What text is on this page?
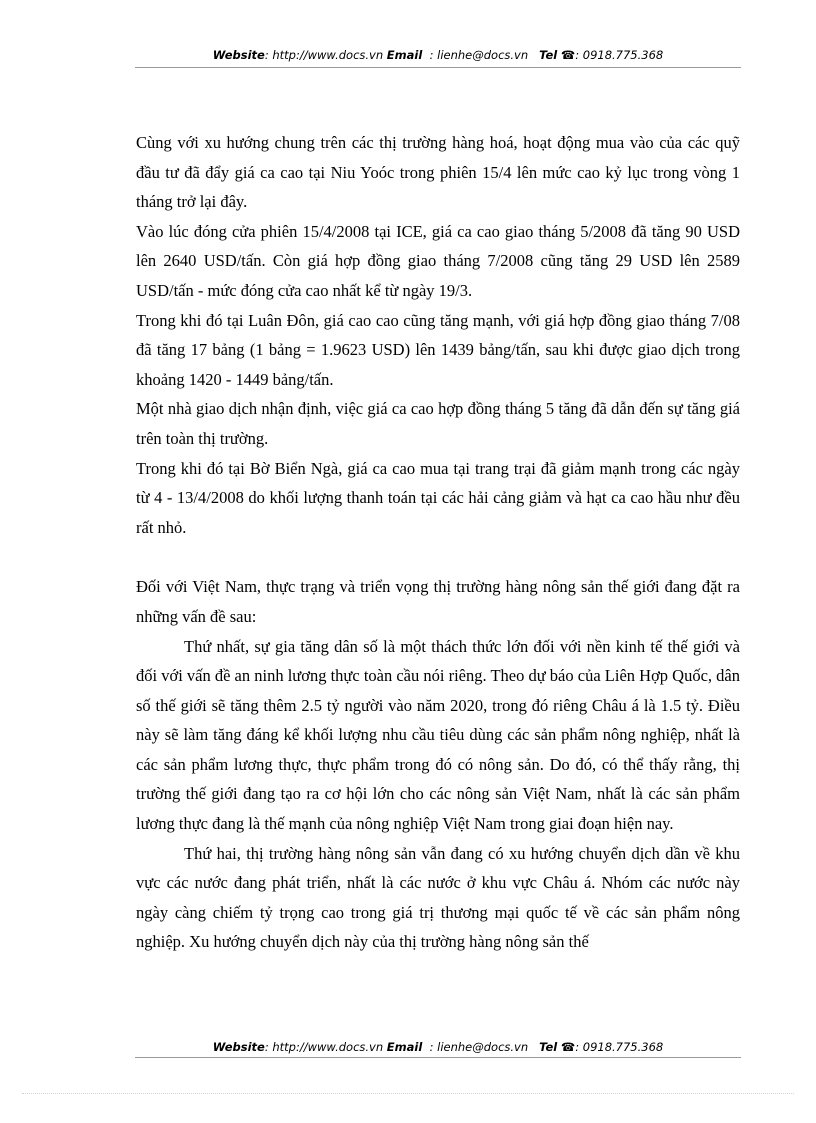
Website: http://www.docs.vn Email : lienhe@docs.vn Tel ☎: 0918.775.368

Cùng với xu hướng chung trên các thị trường hàng hoá, hoạt động mua vào của các quỹ đầu tư đã đẩy giá ca cao tại Niu Yoóc trong phiên 15/4 lên mức cao kỷ lục trong vòng 1 tháng trở lại đây.

Vào lúc đóng cửa phiên 15/4/2008 tại ICE, giá ca cao giao tháng 5/2008 đã tăng 90 USD lên 2640 USD/tấn. Còn giá hợp đồng giao tháng 7/2008 cũng tăng 29 USD lên 2589 USD/tấn - mức đóng cửa cao nhất kể từ ngày 19/3.

Trong khi đó tại Luân Đôn, giá cao cao cũng tăng mạnh, với giá hợp đồng giao tháng 7/08 đã tăng 17 bảng (1 bảng = 1.9623 USD) lên 1439 bảng/tấn, sau khi được giao dịch trong khoảng 1420 - 1449 bảng/tấn.

Một nhà giao dịch nhận định, việc giá ca cao hợp đồng tháng 5 tăng đã dẫn đến sự tăng giá trên toàn thị trường.

Trong khi đó tại Bờ Biển Ngà, giá ca cao mua tại trang trại đã giảm mạnh trong các ngày từ 4 - 13/4/2008 do khối lượng thanh toán tại các hải cảng giảm và hạt ca cao hầu như đều rất nhỏ.

Đối với Việt Nam, thực trạng và triển vọng thị trường hàng nông sản thế giới đang đặt ra những vấn đề sau:

Thứ nhất, sự gia tăng dân số là một thách thức lớn đối với nền kinh tế thế giới và đối với vấn đề an ninh lương thực toàn cầu nói riêng. Theo dự báo của Liên Hợp Quốc, dân số thế giới sẽ tăng thêm 2.5 tỷ người vào năm 2020, trong đó riêng Châu á là 1.5 tỷ. Điều này sẽ làm tăng đáng kể khối lượng nhu cầu tiêu dùng các sản phẩm nông nghiệp, nhất là các sản phẩm lương thực, thực phẩm trong đó có nông sản. Do đó, có thể thấy rằng, thị trường thế giới đang tạo ra cơ hội lớn cho các nông sản Việt Nam, nhất là các sản phẩm lương thực đang là thế mạnh của nông nghiệp Việt Nam trong giai đoạn hiện nay.

Thứ hai, thị trường hàng nông sản vẫn đang có xu hướng chuyển dịch dần về khu vực các nước đang phát triển, nhất là các nước ở khu vực Châu á. Nhóm các nước này ngày càng chiếm tỷ trọng cao trong giá trị thương mại quốc tế về các sản phẩm nông nghiệp. Xu hướng chuyển dịch này của thị trường hàng nông sản thế

Website: http://www.docs.vn Email : lienhe@docs.vn Tel ☎: 0918.775.368
